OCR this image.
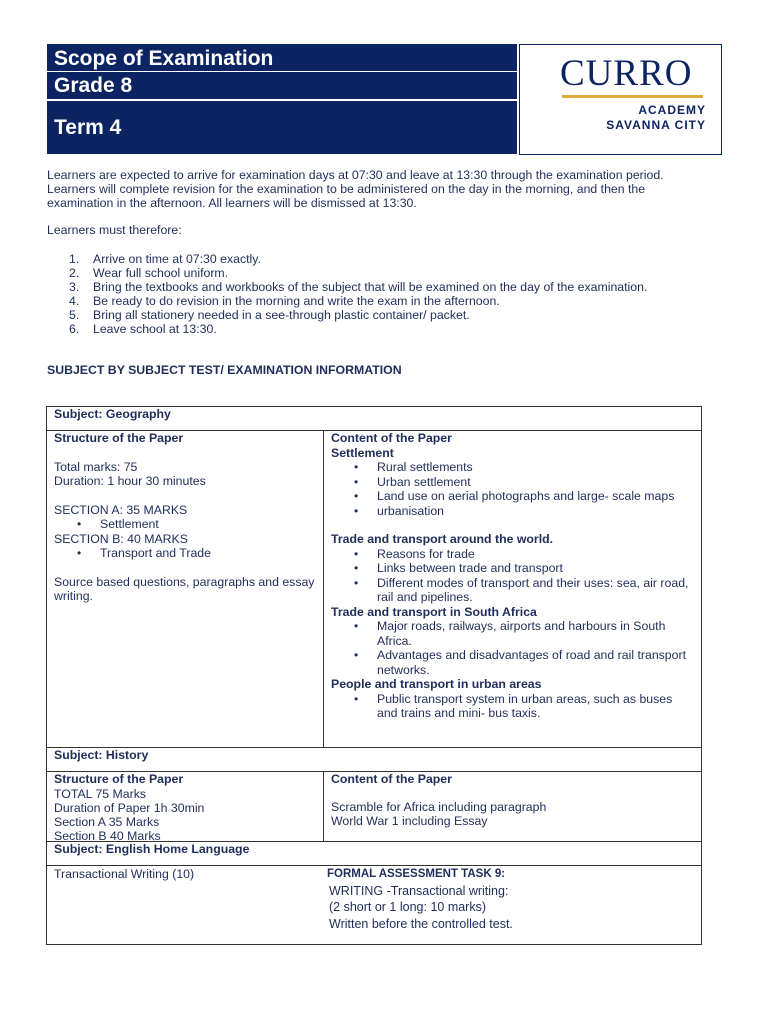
Scope of Examination
Grade 8
Term 4
CURRO
ACADEMY
SAVANNA CITY
Learners are expected to arrive for examination days at 07:30 and leave at 13:30 through the examination period. Learners will complete revision for the examination to be administered on the day in the morning, and then the examination in the afternoon. All learners will be dismissed at 13:30.
Learners must therefore:
1. Arrive on time at 07:30 exactly.
2. Wear full school uniform.
3. Bring the textbooks and workbooks of the subject that will be examined on the day of the examination.
4. Be ready to do revision in the morning and write the exam in the afternoon.
5. Bring all stationery needed in a see-through plastic container/ packet.
6. Leave school at 13:30.
SUBJECT BY SUBJECT TEST/ EXAMINATION INFORMATION
Subject: Geography
Structure of the Paper
Total marks: 75
Duration: 1 hour 30 minutes
SECTION A: 35 MARKS
• Settlement
SECTION B: 40 MARKS
• Transport and Trade
Source based questions, paragraphs and essay writing.
Content of the Paper
Settlement
• Rural settlements
• Urban settlement
• Land use on aerial photographs and large- scale maps
• urbanisation
Trade and transport around the world.
• Reasons for trade
• Links between trade and transport
• Different modes of transport and their uses: sea, air road, rail and pipelines.
Trade and transport in South Africa
• Major roads, railways, airports and harbours in South Africa.
• Advantages and disadvantages of road and rail transport networks.
People and transport in urban areas
• Public transport system in urban areas, such as buses and trains and mini- bus taxis.
Subject: History
Structure of the Paper
TOTAL 75 Marks
Duration of Paper 1h 30min
Section A 35 Marks
Section B 40 Marks
Content of the Paper
Scramble for Africa including paragraph
World War 1 including Essay
Subject: English Home Language
Transactional Writing (10)	FORMAL ASSESSMENT TASK 9:
WRITING -Transactional writing:
(2 short or 1 long: 10 marks)
Written before the controlled test.
